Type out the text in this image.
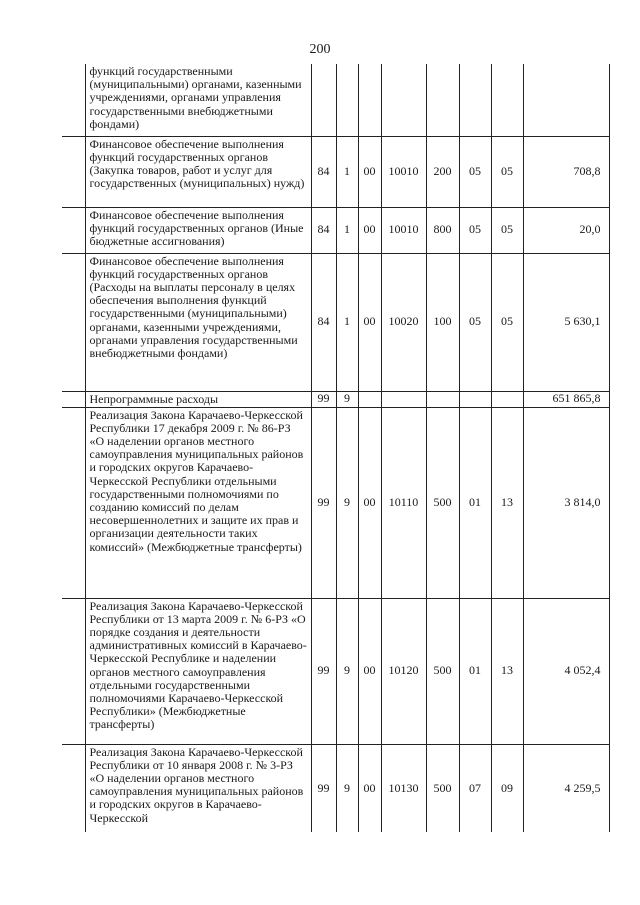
200
	функций государственными (муниципальными) органами, казенными учреждениями, органами управления государственными внебюджетными фондами)								
	Финансовое обеспечение выполнения функций государственных органов (Закупка товаров, работ и услуг для государственных (муниципальных) нужд)	84	1	00	10010	200	05	05	708,8
	Финансовое обеспечение выполнения функций государственных органов (Иные бюджетные ассигнования)	84	1	00	10010	800	05	05	20,0
	Финансовое обеспечение выполнения функций государственных органов (Расходы на выплаты персоналу в целях обеспечения выполнения функций государственными (муниципальными) органами, казенными учреждениями, органами управления государственными внебюджетными фондами)	84	1	00	10020	100	05	05	5 630,1
	Непрограммные расходы	99	9						651 865,8
	Реализация Закона Карачаево-Черкесской Республики 17 декабря 2009 г. № 86-РЗ «О наделении органов местного самоуправления муниципальных районов и городских округов Карачаево-Черкесской Республики отдельными государственными полномочиями по созданию комиссий по делам несовершеннолетних и защите их прав и организации деятельности таких комиссий» (Межбюджетные трансферты)	99	9	00	10110	500	01	13	3 814,0
	Реализация Закона Карачаево-Черкесской Республики от 13 марта 2009 г. № 6-РЗ «О порядке создания и деятельности административных комиссий в Карачаево-Черкесской Республике и наделении органов местного самоуправления отдельными государственными полномочиями Карачаево-Черкесской Республики» (Межбюджетные трансферты)	99	9	00	10120	500	01	13	4 052,4
	Реализация Закона Карачаево-Черкесской Республики от 10 января 2008 г. № 3-РЗ «О наделении органов местного самоуправления муниципальных районов и городских округов в Карачаево-Черкесской	99	9	00	10130	500	07	09	4 259,5
